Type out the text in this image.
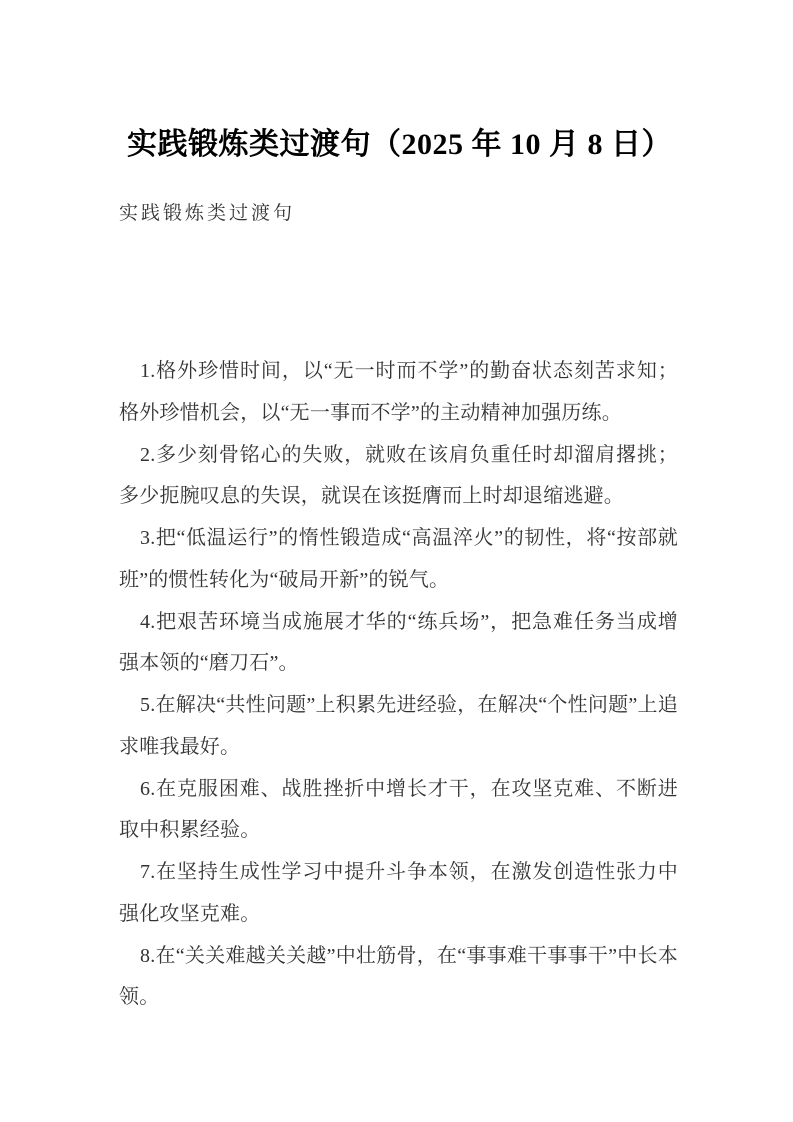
实践锻炼类过渡句（2025 年 10 月 8 日）

实践锻炼类过渡句

1.格外珍惜时间，以“无一时而不学”的勤奋状态刻苦求知；格外珍惜机会，以“无一事而不学”的主动精神加强历练。

2.多少刻骨铭心的失败，就败在该肩负重任时却溜肩撂挑；多少扼腕叹息的失误，就误在该挺膺而上时却退缩逃避。

3.把“低温运行”的惰性锻造成“高温淬火”的韧性，将“按部就班”的惯性转化为“破局开新”的锐气。

4.把艰苦环境当成施展才华的“练兵场”，把急难任务当成增强本领的“磨刀石”。

5.在解决“共性问题”上积累先进经验，在解决“个性问题”上追求唯我最好。

6.在克服困难、战胜挫折中增长才干，在攻坚克难、不断进取中积累经验。

7.在坚持生成性学习中提升斗争本领，在激发创造性张力中强化攻坚克难。

8.在“关关难越关关越”中壮筋骨，在“事事难干事事干”中长本领。
